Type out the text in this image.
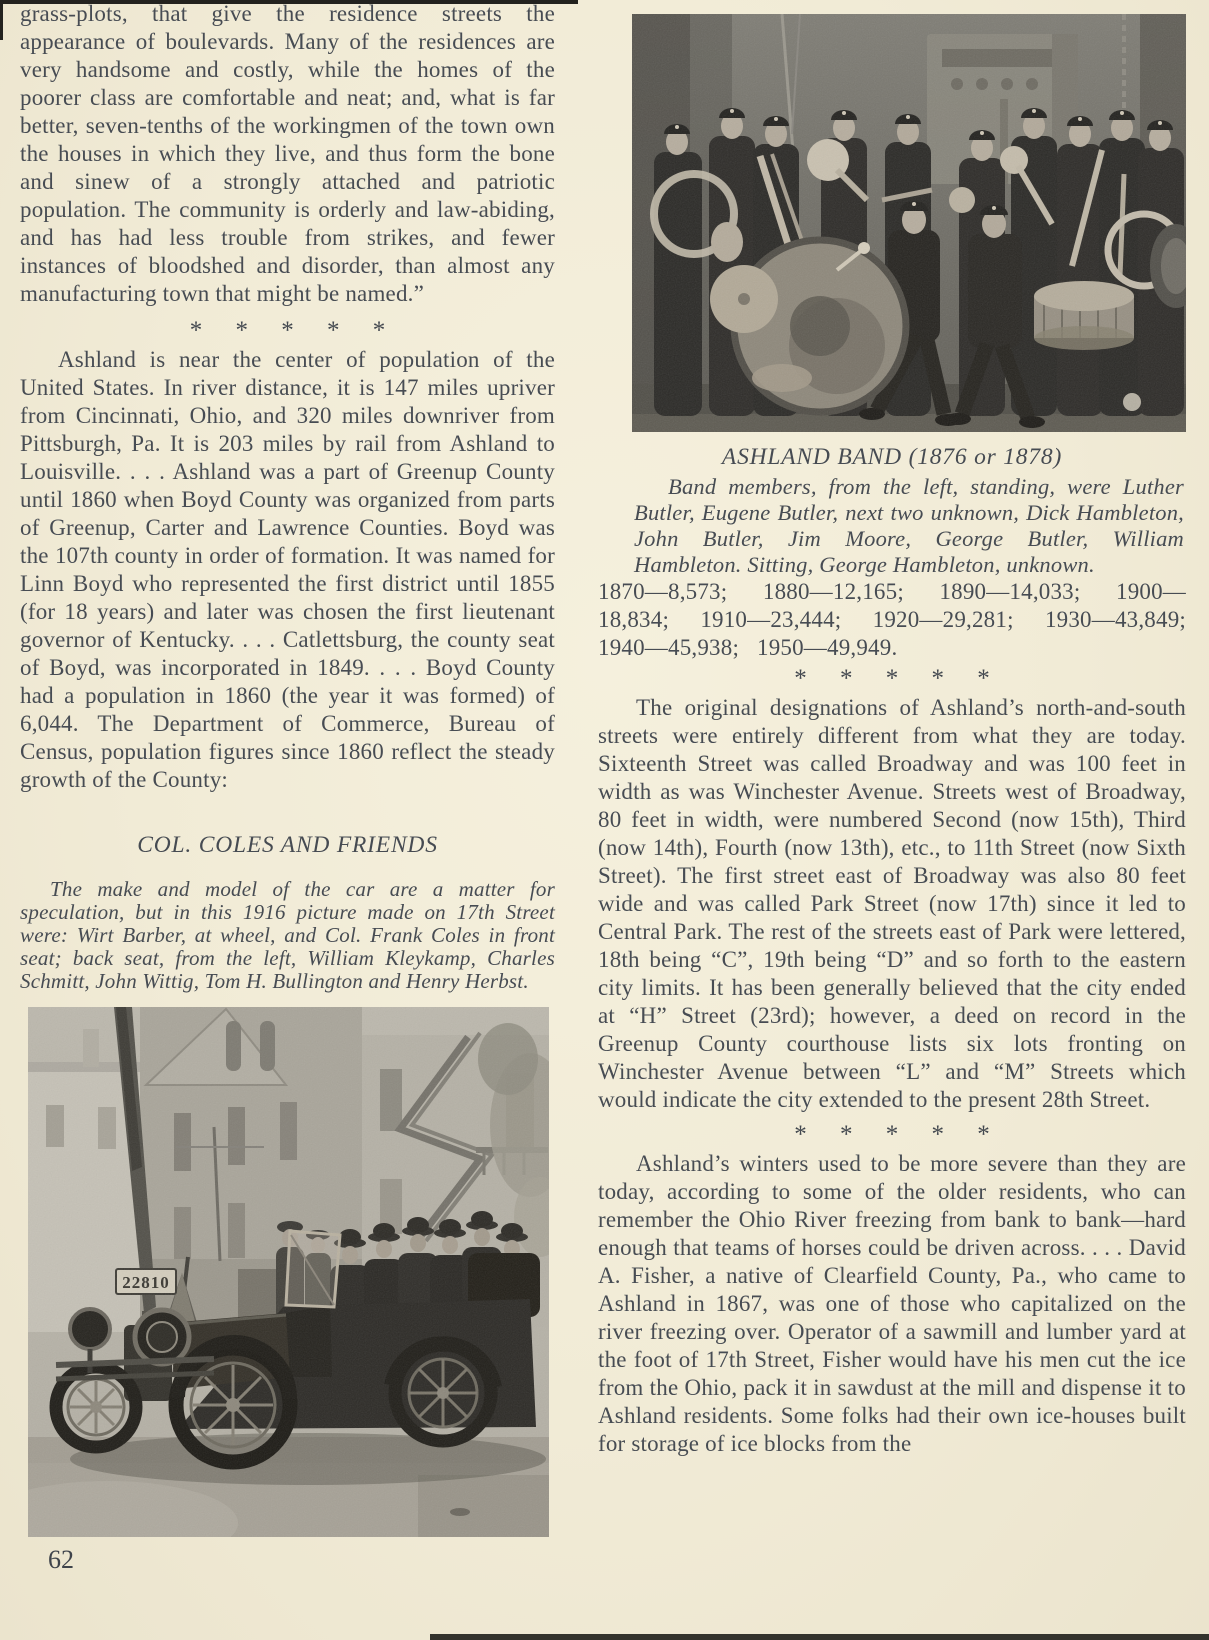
grass-plots, that give the residence streets the appearance of boulevards. Many of the residences are very handsome and costly, while the homes of the poorer class are comfortable and neat; and, what is far better, seven-tenths of the workingmen of the town own the houses in which they live, and thus form the bone and sinew of a strongly attached and patriotic population. The community is orderly and law-abiding, and has had less trouble from strikes, and fewer instances of bloodshed and disorder, than almost any manufacturing town that might be named.”

* * * * *

Ashland is near the center of population of the United States. In river distance, it is 147 miles upriver from Cincinnati, Ohio, and 320 miles downriver from Pittsburgh, Pa. It is 203 miles by rail from Ashland to Louisville. . . . Ashland was a part of Greenup County until 1860 when Boyd County was organized from parts of Greenup, Carter and Lawrence Counties. Boyd was the 107th county in order of formation. It was named for Linn Boyd who represented the first district until 1855 (for 18 years) and later was chosen the first lieutenant governor of Kentucky. . . . Catlettsburg, the county seat of Boyd, was incorporated in 1849. . . . Boyd County had a population in 1860 (the year it was formed) of 6,044. The Department of Commerce, Bureau of Census, population figures since 1860 reflect the steady growth of the County:

COL. COLES AND FRIENDS

The make and model of the car are a matter for speculation, but in this 1916 picture made on 17th Street were: Wirt Barber, at wheel, and Col. Frank Coles in front seat; back seat, from the left, William Kleykamp, Charles Schmitt, John Wittig, Tom H. Bullington and Henry Herbst.

22810
62
ASHLAND BAND (1876 or 1878)

Band members, from the left, standing, were Luther Butler, Eugene Butler, next two unknown, Dick Hambleton, John Butler, Jim Moore, George Butler, William Hambleton. Sitting, George Hambleton, unknown.

1870—8,573; 1880—12,165; 1890—14,033; 1900—18,834; 1910—23,444; 1920—29,281; 1930—43,849; 1940—45,938; 1950—49,949.

* * * * *

The original designations of Ashland’s north-and-south streets were entirely different from what they are today. Sixteenth Street was called Broadway and was 100 feet in width as was Winchester Avenue. Streets west of Broadway, 80 feet in width, were numbered Second (now 15th), Third (now 14th), Fourth (now 13th), etc., to 11th Street (now Sixth Street). The first street east of Broadway was also 80 feet wide and was called Park Street (now 17th) since it led to Central Park. The rest of the streets east of Park were lettered, 18th being “C”, 19th being “D” and so forth to the eastern city limits. It has been generally believed that the city ended at “H” Street (23rd); however, a deed on record in the Greenup County courthouse lists six lots fronting on Winchester Avenue between “L” and “M” Streets which would indicate the city extended to the present 28th Street.

* * * * *

Ashland’s winters used to be more severe than they are today, according to some of the older residents, who can remember the Ohio River freezing from bank to bank—hard enough that teams of horses could be driven across. . . . David A. Fisher, a native of Clearfield County, Pa., who came to Ashland in 1867, was one of those who capitalized on the river freezing over. Operator of a sawmill and lumber yard at the foot of 17th Street, Fisher would have his men cut the ice from the Ohio, pack it in sawdust at the mill and dispense it to Ashland residents. Some folks had their own ice-houses built for storage of ice blocks from the
